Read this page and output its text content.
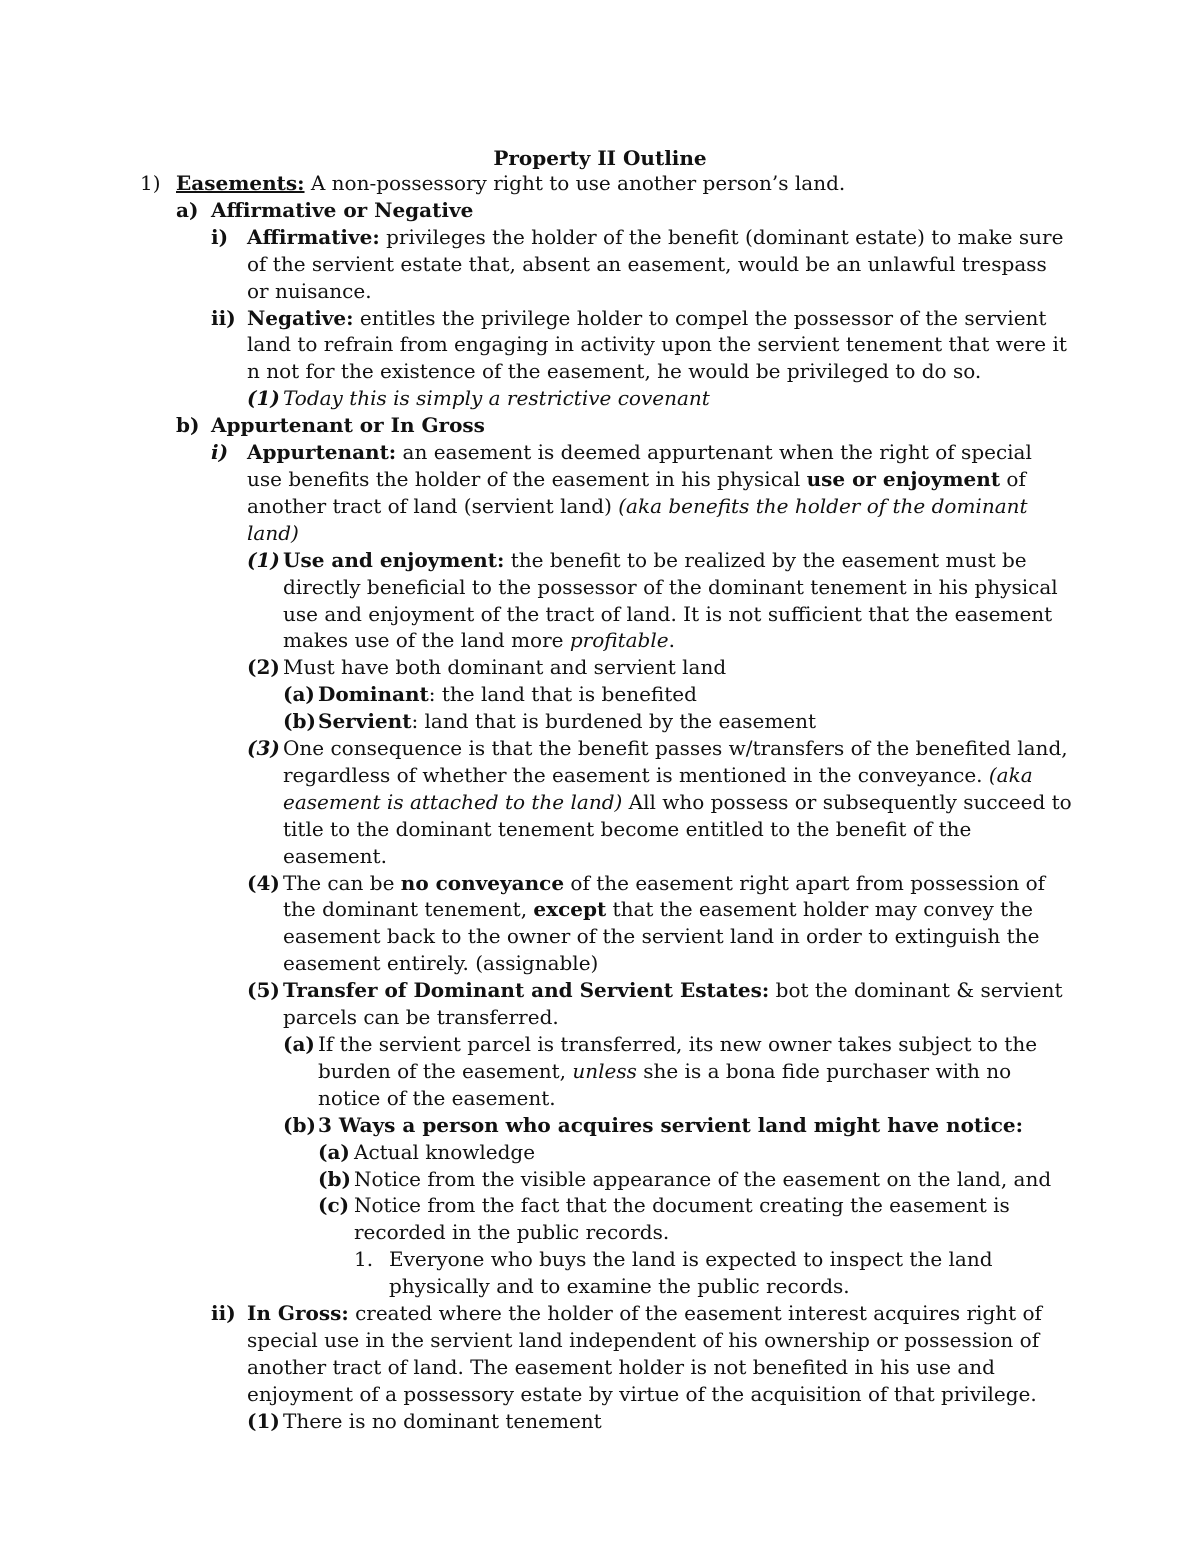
Property II Outline
1) Easements: A non-possessory right to use another person’s land.
a) Affirmative or Negative
i) Affirmative: privileges the holder of the benefit (dominant estate) to make sure of the servient estate that, absent an easement, would be an unlawful trespass or nuisance.
ii) Negative: entitles the privilege holder to compel the possessor of the servient land to refrain from engaging in activity upon the servient tenement that were it n not for the existence of the easement, he would be privileged to do so.
(1) Today this is simply a restrictive covenant
b) Appurtenant or In Gross
i) Appurtenant: an easement is deemed appurtenant when the right of special use benefits the holder of the easement in his physical use or enjoyment of another tract of land (servient land) (aka benefits the holder of the dominant land)
(1) Use and enjoyment: the benefit to be realized by the easement must be directly beneficial to the possessor of the dominant tenement in his physical use and enjoyment of the tract of land. It is not sufficient that the easement makes use of the land more profitable.
(2) Must have both dominant and servient land
(a) Dominant: the land that is benefited
(b) Servient: land that is burdened by the easement
(3) One consequence is that the benefit passes w/transfers of the benefited land, regardless of whether the easement is mentioned in the conveyance. (aka easement is attached to the land) All who possess or subsequently succeed to title to the dominant tenement become entitled to the benefit of the easement.
(4) The can be no conveyance of the easement right apart from possession of the dominant tenement, except that the easement holder may convey the easement back to the owner of the servient land in order to extinguish the easement entirely. (assignable)
(5) Transfer of Dominant and Servient Estates: bot the dominant & servient parcels can be transferred.
(a) If the servient parcel is transferred, its new owner takes subject to the burden of the easement, unless she is a bona fide purchaser with no notice of the easement.
(b) 3 Ways a person who acquires servient land might have notice:
(a) Actual knowledge
(b) Notice from the visible appearance of the easement on the land, and
(c) Notice from the fact that the document creating the easement is recorded in the public records.
1. Everyone who buys the land is expected to inspect the land physically and to examine the public records.
ii) In Gross: created where the holder of the easement interest acquires right of special use in the servient land independent of his ownership or possession of another tract of land. The easement holder is not benefited in his use and enjoyment of a possessory estate by virtue of the acquisition of that privilege.
(1) There is no dominant tenement
